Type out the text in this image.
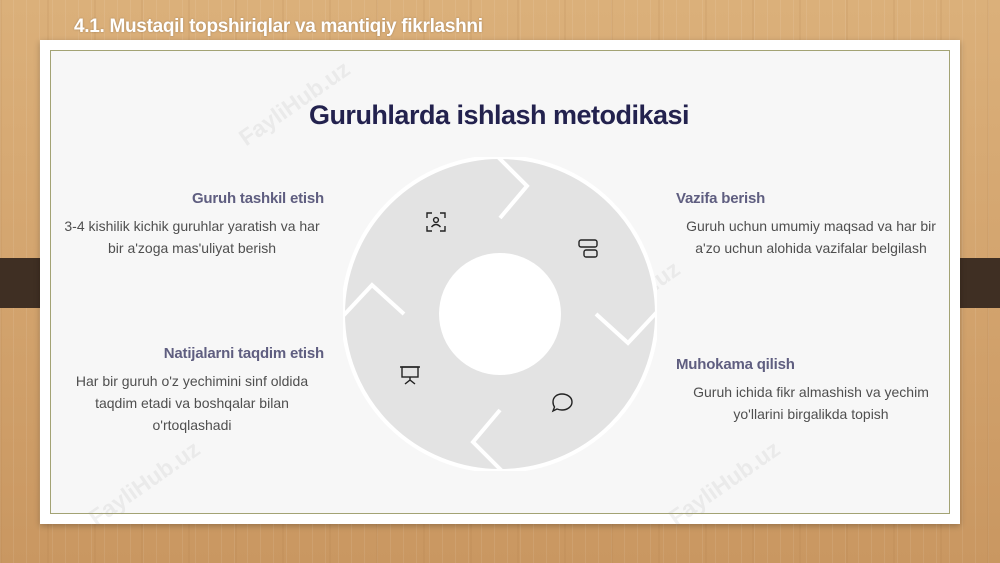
4.1. Mustaqil topshiriqlar va mantiqiy fikrlashni

Guruhlarda ishlash metodikasi
Guruh tashkil etish

3-4 kishilik kichik guruhlar yaratish va har bir a'zoga mas'uliyat berish

Vazifa berish

Guruh uchun umumiy maqsad va har bir a'zo uchun alohida vazifalar belgilash

Muhokama qilish

Guruh ichida fikr almashish va yechim yo'llarini birgalikda topish

Natijalarni taqdim etish

Har bir guruh o'z yechimini sinf oldida taqdim etadi va boshqalar bilan o'rtoqlashadi
